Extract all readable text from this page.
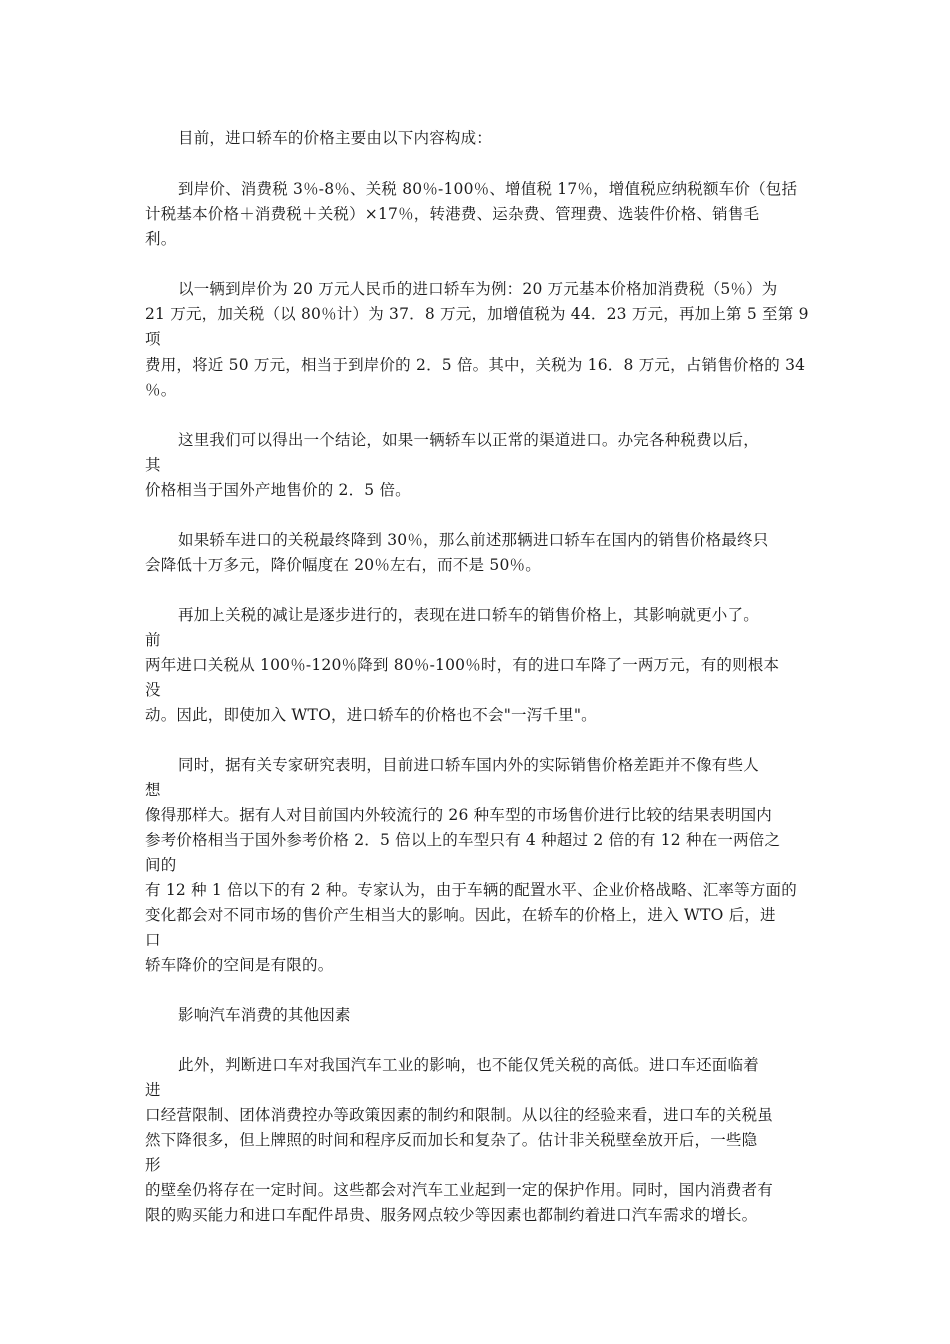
目前，进口轿车的价格主要由以下内容构成：
到岸价、消费税 3％-8％、关税 80％-100％、增值税 17％，增值税应纳税额车价（包括
计税基本价格＋消费税＋关税）×17％，转港费、运杂费、管理费、选装件价格、销售毛
利。
以一辆到岸价为 20 万元人民币的进口轿车为例：20 万元基本价格加消费税（5％）为
21 万元，加关税（以 80％计）为 37．8 万元，加增值税为 44．23 万元，再加上第 5 至第 9
项
费用，将近 50 万元，相当于到岸价的 2．5 倍。其中，关税为 16．8 万元，占销售价格的 34
％。
这里我们可以得出一个结论，如果一辆轿车以正常的渠道进口。办完各种税费以后，
其
价格相当于国外产地售价的 2．5 倍。
如果轿车进口的关税最终降到 30％，那么前述那辆进口轿车在国内的销售价格最终只
会降低十万多元，降价幅度在 20％左右，而不是 50％。
再加上关税的减让是逐步进行的，表现在进口轿车的销售价格上，其影响就更小了。
前
两年进口关税从 100％-120％降到 80％-100％时，有的进口车降了一两万元，有的则根本
没
动。因此，即使加入 WTO，进口轿车的价格也不会"一泻千里"。
同时，据有关专家研究表明，目前进口轿车国内外的实际销售价格差距并不像有些人
想
像得那样大。据有人对目前国内外较流行的 26 种车型的市场售价进行比较的结果表明国内
参考价格相当于国外参考价格 2．5 倍以上的车型只有 4 种超过 2 倍的有 12 种在一两倍之
间的
有 12 种 1 倍以下的有 2 种。专家认为，由于车辆的配置水平、企业价格战略、汇率等方面的
变化都会对不同市场的售价产生相当大的影响。因此，在轿车的价格上，进入 WTO 后，进
口
轿车降价的空间是有限的。
影响汽车消费的其他因素
此外，判断进口车对我国汽车工业的影响，也不能仅凭关税的高低。进口车还面临着
进
口经营限制、团体消费控办等政策因素的制约和限制。从以往的经验来看，进口车的关税虽
然下降很多，但上牌照的时间和程序反而加长和复杂了。估计非关税壁垒放开后，一些隐
形
的壁垒仍将存在一定时间。这些都会对汽车工业起到一定的保护作用。同时，国内消费者有
限的购买能力和进口车配件昂贵、服务网点较少等因素也都制约着进口汽车需求的增长。
